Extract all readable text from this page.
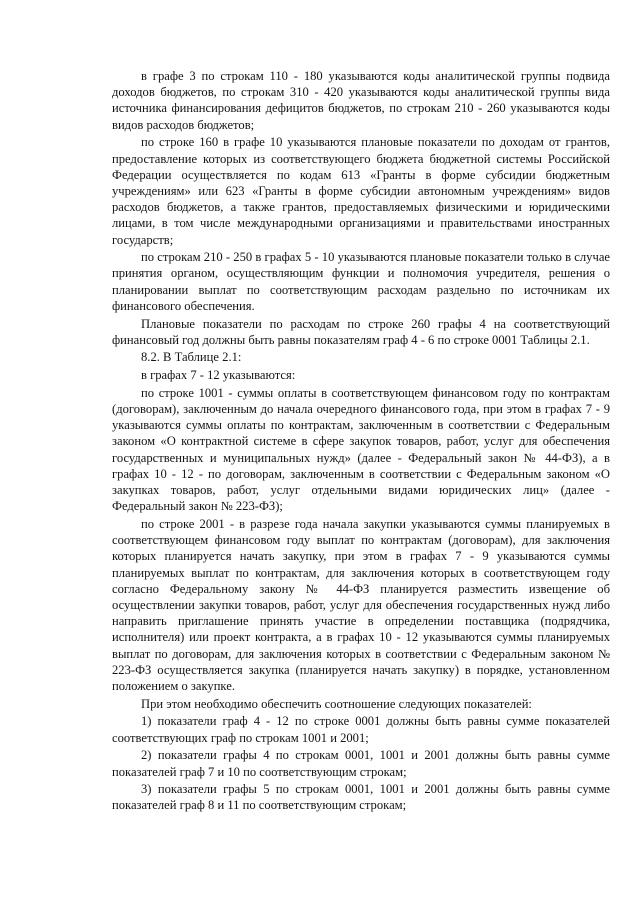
в графе 3 по строкам 110 - 180 указываются коды аналитической группы подвида доходов бюджетов, по строкам 310 - 420 указываются коды аналитической группы вида источника финансирования дефицитов бюджетов, по строкам 210 - 260 указываются коды видов расходов бюджетов;

по строке 160 в графе 10 указываются плановые показатели по доходам от грантов, предоставление которых из соответствующего бюджета бюджетной системы Российской Федерации осуществляется по кодам 613 «Гранты в форме субсидии бюджетным учреждениям» или 623 «Гранты в форме субсидии автономным учреждениям» видов расходов бюджетов, а также грантов, предоставляемых физическими и юридическими лицами, в том числе международными организациями и правительствами иностранных государств;

по строкам 210 - 250 в графах 5 - 10 указываются плановые показатели только в случае принятия органом, осуществляющим функции и полномочия учредителя, решения о планировании выплат по соответствующим расходам раздельно по источникам их финансового обеспечения.

Плановые показатели по расходам по строке 260 графы 4 на соответствующий финансовый год должны быть равны показателям граф 4 - 6 по строке 0001 Таблицы 2.1.

8.2. В Таблице 2.1:

в графах 7 - 12 указываются:

по строке 1001 - суммы оплаты в соответствующем финансовом году по контрактам (договорам), заключенным до начала очередного финансового года, при этом в графах 7 - 9 указываются суммы оплаты по контрактам, заключенным в соответствии с Федеральным законом «О контрактной системе в сфере закупок товаров, работ, услуг для обеспечения государственных и муниципальных нужд» (далее - Федеральный закон № 44-ФЗ), а в графах 10 - 12 - по договорам, заключенным в соответствии с Федеральным законом «О закупках товаров, работ, услуг отдельными видами юридических лиц» (далее - Федеральный закон № 223-ФЗ);

по строке 2001 - в разрезе года начала закупки указываются суммы планируемых в соответствующем финансовом году выплат по контрактам (договорам), для заключения которых планируется начать закупку, при этом в графах 7 - 9 указываются суммы планируемых выплат по контрактам, для заключения которых в соответствующем году согласно Федеральному закону № 44-ФЗ планируется разместить извещение об осуществлении закупки товаров, работ, услуг для обеспечения государственных нужд либо направить приглашение принять участие в определении поставщика (подрядчика, исполнителя) или проект контракта, а в графах 10 - 12 указываются суммы планируемых выплат по договорам, для заключения которых в соответствии с Федеральным законом № 223-ФЗ осуществляется закупка (планируется начать закупку) в порядке, установленном положением о закупке.

При этом необходимо обеспечить соотношение следующих показателей:

1) показатели граф 4 - 12 по строке 0001 должны быть равны сумме показателей соответствующих граф по строкам 1001 и 2001;

2) показатели графы 4 по строкам 0001, 1001 и 2001 должны быть равны сумме показателей граф 7 и 10 по соответствующим строкам;

3) показатели графы 5 по строкам 0001, 1001 и 2001 должны быть равны сумме показателей граф 8 и 11 по соответствующим строкам;
